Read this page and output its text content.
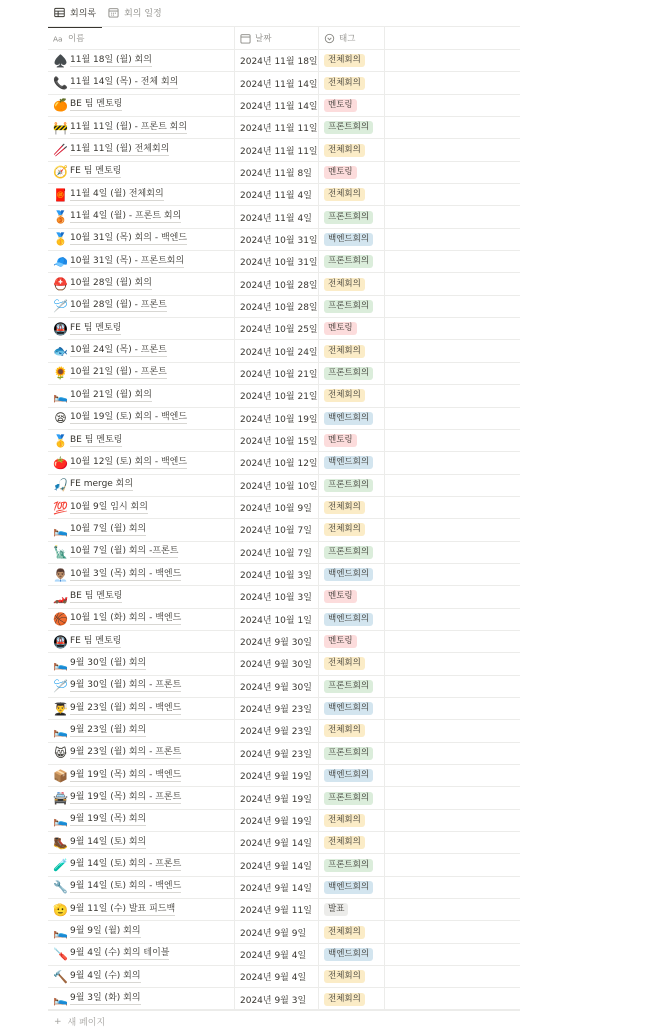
회의록	회의 일정
Aa 이름	날짜	태그
♠️ 11월 18일 (월) 회의	2024년 11월 18일	전체회의
📞 11월 14일 (목) - 전체 회의	2024년 11월 14일	전체회의
🍊 BE 팀 멘토링	2024년 11월 14일	멘토링
🚧 11월 11일 (월) - 프론트 회의	2024년 11월 11일	프론트회의
🥢 11월 11일 (월) 전체회의	2024년 11월 11일	전체회의
🧭 FE 팀 멘토링	2024년 11월 8일	멘토링
🧧 11월 4일 (월) 전체회의	2024년 11월 4일	전체회의
🥉 11월 4일 (월) - 프론트 회의	2024년 11월 4일	프론트회의
🥇 10월 31일 (목) 회의 - 백엔드	2024년 10월 31일	백엔드회의
🧢 10월 31일 (목) - 프론트회의	2024년 10월 31일	프론트회의
⛑️ 10월 28일 (월) 회의	2024년 10월 28일	전체회의
🪡 10월 28일 (월) - 프론트	2024년 10월 28일	프론트회의
🚇 FE 팀 멘토링	2024년 10월 25일	멘토링
🐟 10월 24일 (목) - 프론트	2024년 10월 24일	전체회의
🌻 10월 21일 (월) - 프론트	2024년 10월 21일	프론트회의
🛌 10월 21일 (월) 회의	2024년 10월 21일	전체회의
😪 10월 19일 (토) 회의 - 백엔드	2024년 10월 19일	백엔드회의
🥇 BE 팀 멘토링	2024년 10월 15일	멘토링
🍅 10월 12일 (토) 회의 - 백엔드	2024년 10월 12일	백엔드회의
🎣 FE merge 회의	2024년 10월 10일	프론트회의
💯 10월 9일 임시 회의	2024년 10월 9일	전체회의
🛌 10월 7일 (월) 회의	2024년 10월 7일	전체회의
🗽 10월 7일 (월) 회의 -프론트	2024년 10월 7일	프론트회의
👨🏽‍💼 10월 3일 (목) 회의 - 백엔드	2024년 10월 3일	백엔드회의
🏎️ BE 팀 멘토링	2024년 10월 3일	멘토링
🏀 10월 1일 (화) 회의 - 백엔드	2024년 10월 1일	백엔드회의
🚇 FE 팀 멘토링	2024년 9월 30일	멘토링
🛌 9월 30일 (월) 회의	2024년 9월 30일	전체회의
🪡 9월 30일 (월) 회의 - 프론트	2024년 9월 30일	프론트회의
👨‍🎓 9월 23일 (월) 회의 - 백엔드	2024년 9월 23일	백엔드회의
🛌 9월 23일 (월) 회의	2024년 9월 23일	전체회의
😸 9월 23일 (월) 회의 - 프론트	2024년 9월 23일	프론트회의
📦 9월 19일 (목) 회의 - 백엔드	2024년 9월 19일	백엔드회의
🚔 9월 19일 (목) 회의 - 프론트	2024년 9월 19일	프론트회의
🛌 9월 19일 (목) 회의	2024년 9월 19일	전체회의
🥾 9월 14일 (토) 회의	2024년 9월 14일	전체회의
🧪 9월 14일 (토) 회의 - 프론트	2024년 9월 14일	프론트회의
🔧 9월 14일 (토) 회의 - 백엔드	2024년 9월 14일	백엔드회의
🫡 9월 11일 (수) 발표 피드백	2024년 9월 11일	발표
🛌 9월 9일 (월) 회의	2024년 9월 9일	전체회의
🪛 9월 4일 (수) 회의 테이블	2024년 9월 4일	백엔드회의
🔨 9월 4일 (수) 회의	2024년 9월 4일	전체회의
🛌 9월 3일 (화) 회의	2024년 9월 3일	전체회의
+ 새 페이지
